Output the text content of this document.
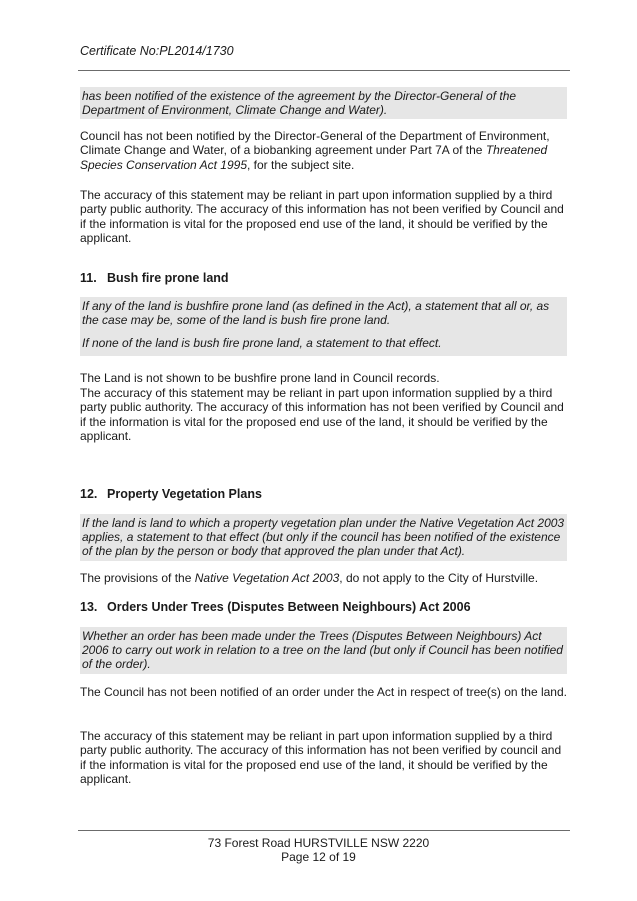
Certificate No:PL2014/1730
has been notified of the existence of the agreement by the Director-General of the Department of Environment, Climate Change and Water).
Council has not been notified by the Director-General of the Department of Environment, Climate Change and Water, of a biobanking agreement under Part 7A of the Threatened Species Conservation Act 1995, for the subject site.
The accuracy of this statement may be reliant in part upon information supplied by a third party public authority. The accuracy of this information has not been verified by Council and if the information is vital for the proposed end use of the land, it should be verified by the applicant.
11. Bush fire prone land
If any of the land is bushfire prone land (as defined in the Act), a statement that all or, as the case may be, some of the land is bush fire prone land.
If none of the land is bush fire prone land, a statement to that effect.
The Land is not shown to be bushfire prone land in Council records.
The accuracy of this statement may be reliant in part upon information supplied by a third party public authority. The accuracy of this information has not been verified by Council and if the information is vital for the proposed end use of the land, it should be verified by the applicant.
12. Property Vegetation Plans
If the land is land to which a property vegetation plan under the Native Vegetation Act 2003 applies, a statement to that effect (but only if the council has been notified of the existence of the plan by the person or body that approved the plan under that Act).
The provisions of the Native Vegetation Act 2003, do not apply to the City of Hurstville.
13. Orders Under Trees (Disputes Between Neighbours) Act 2006
Whether an order has been made under the Trees (Disputes Between Neighbours) Act 2006 to carry out work in relation to a tree on the land (but only if Council has been notified of the order).
The Council has not been notified of an order under the Act in respect of tree(s) on the land.
The accuracy of this statement may be reliant in part upon information supplied by a third party public authority. The accuracy of this information has not been verified by council and if the information is vital for the proposed end use of the land, it should be verified by the applicant.
73 Forest Road HURSTVILLE NSW 2220
Page 12 of 19
